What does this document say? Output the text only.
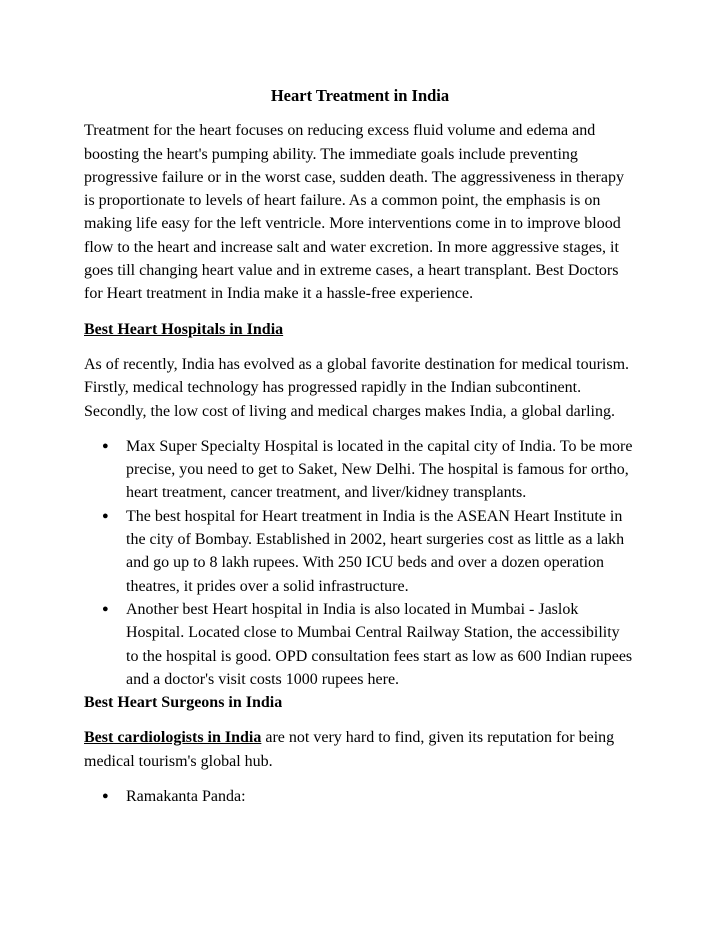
Heart Treatment in India

Treatment for the heart focuses on reducing excess fluid volume and edema and boosting the heart's pumping ability. The immediate goals include preventing progressive failure or in the worst case, sudden death. The aggressiveness in therapy is proportionate to levels of heart failure. As a common point, the emphasis is on making life easy for the left ventricle. More interventions come in to improve blood flow to the heart and increase salt and water excretion. In more aggressive stages, it goes till changing heart value and in extreme cases, a heart transplant. Best Doctors for Heart treatment in India make it a hassle-free experience.

Best Heart Hospitals in India

As of recently, India has evolved as a global favorite destination for medical tourism. Firstly, medical technology has progressed rapidly in the Indian subcontinent. Secondly, the low cost of living and medical charges makes India, a global darling.

● Max Super Specialty Hospital is located in the capital city of India. To be more precise, you need to get to Saket, New Delhi. The hospital is famous for ortho, heart treatment, cancer treatment, and liver/kidney transplants.
● The best hospital for Heart treatment in India is the ASEAN Heart Institute in the city of Bombay. Established in 2002, heart surgeries cost as little as a lakh and go up to 8 lakh rupees. With 250 ICU beds and over a dozen operation theatres, it prides over a solid infrastructure.
● Another best Heart hospital in India is also located in Mumbai - Jaslok Hospital. Located close to Mumbai Central Railway Station, the accessibility to the hospital is good. OPD consultation fees start as low as 600 Indian rupees and a doctor's visit costs 1000 rupees here.
Best Heart Surgeons in India

Best cardiologists in India are not very hard to find, given its reputation for being medical tourism's global hub.

● Ramakanta Panda:
